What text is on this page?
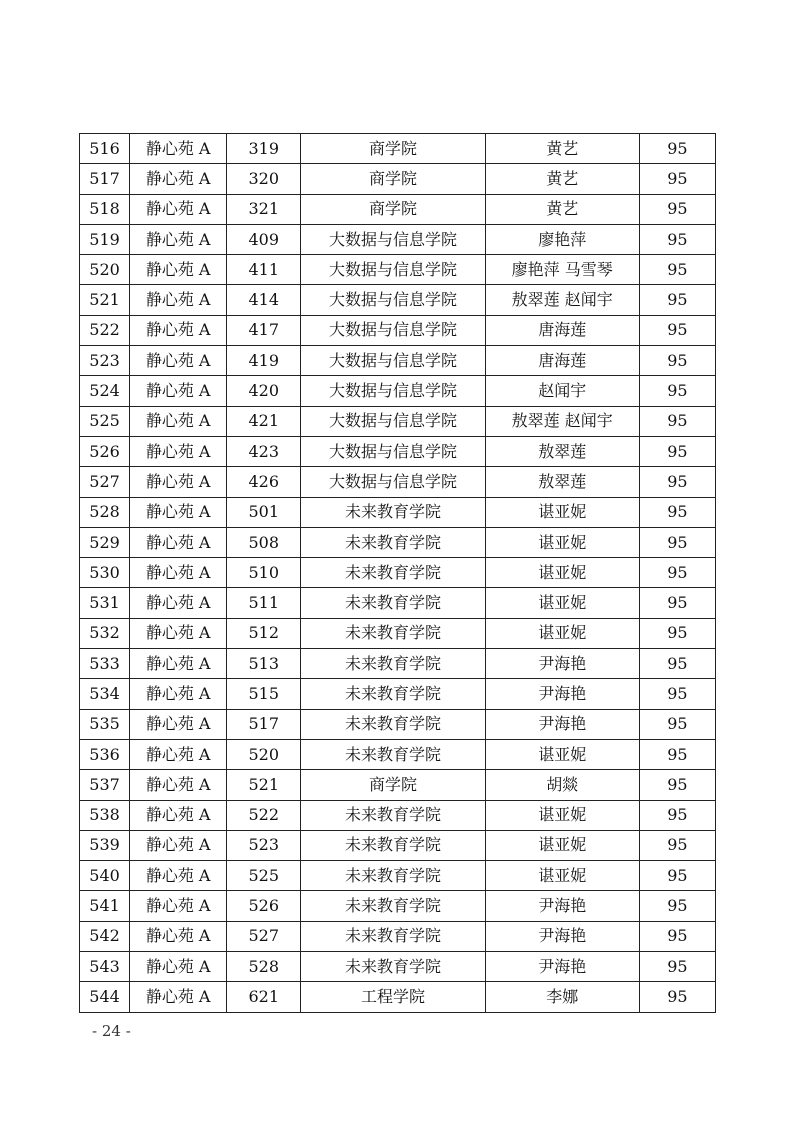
516	静心苑 A	319	商学院	黄艺	95
517	静心苑 A	320	商学院	黄艺	95
518	静心苑 A	321	商学院	黄艺	95
519	静心苑 A	409	大数据与信息学院	廖艳萍	95
520	静心苑 A	411	大数据与信息学院	廖艳萍 马雪琴	95
521	静心苑 A	414	大数据与信息学院	敖翠莲 赵闻宇	95
522	静心苑 A	417	大数据与信息学院	唐海莲	95
523	静心苑 A	419	大数据与信息学院	唐海莲	95
524	静心苑 A	420	大数据与信息学院	赵闻宇	95
525	静心苑 A	421	大数据与信息学院	敖翠莲 赵闻宇	95
526	静心苑 A	423	大数据与信息学院	敖翠莲	95
527	静心苑 A	426	大数据与信息学院	敖翠莲	95
528	静心苑 A	501	未来教育学院	谌亚妮	95
529	静心苑 A	508	未来教育学院	谌亚妮	95
530	静心苑 A	510	未来教育学院	谌亚妮	95
531	静心苑 A	511	未来教育学院	谌亚妮	95
532	静心苑 A	512	未来教育学院	谌亚妮	95
533	静心苑 A	513	未来教育学院	尹海艳	95
534	静心苑 A	515	未来教育学院	尹海艳	95
535	静心苑 A	517	未来教育学院	尹海艳	95
536	静心苑 A	520	未来教育学院	谌亚妮	95
537	静心苑 A	521	商学院	胡燚	95
538	静心苑 A	522	未来教育学院	谌亚妮	95
539	静心苑 A	523	未来教育学院	谌亚妮	95
540	静心苑 A	525	未来教育学院	谌亚妮	95
541	静心苑 A	526	未来教育学院	尹海艳	95
542	静心苑 A	527	未来教育学院	尹海艳	95
543	静心苑 A	528	未来教育学院	尹海艳	95
544	静心苑 A	621	工程学院	李娜	95
- 24 -
